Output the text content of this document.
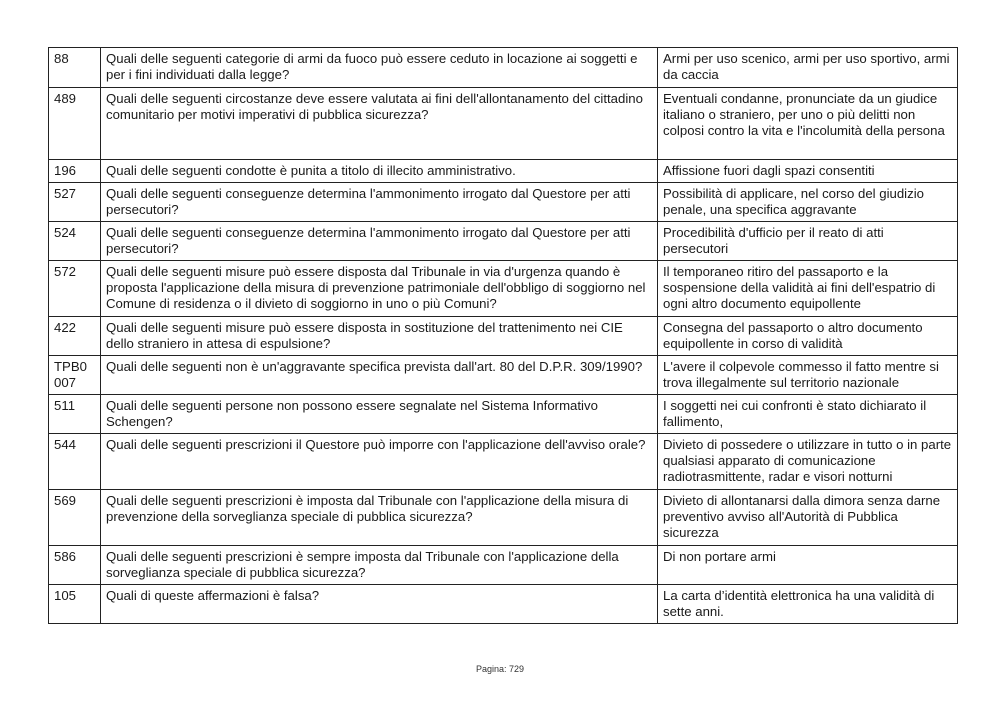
88	Quali delle seguenti categorie di armi da fuoco può essere ceduto in locazione ai soggetti e per i fini individuati dalla legge?	Armi per uso scenico, armi per uso sportivo, armi da caccia
489	Quali delle seguenti circostanze deve essere valutata ai fini dell'allontanamento del cittadino comunitario per motivi imperativi di pubblica sicurezza?	Eventuali condanne, pronunciate da un giudice italiano o straniero, per uno o più delitti non colposi contro la vita e l'incolumità della persona
196	Quali delle seguenti condotte è punita a titolo di illecito amministrativo.	Affissione fuori dagli spazi consentiti
527	Quali delle seguenti conseguenze determina l'ammonimento irrogato dal Questore per atti persecutori?	Possibilità di applicare, nel corso del giudizio penale, una specifica aggravante
524	Quali delle seguenti conseguenze determina l'ammonimento irrogato dal Questore per atti persecutori?	Procedibilità d'ufficio per il reato di atti persecutori
572	Quali delle seguenti misure può essere disposta dal Tribunale in via d'urgenza quando è proposta l'applicazione della misura di prevenzione patrimoniale dell'obbligo di soggiorno nel Comune di residenza o il divieto di soggiorno in uno o più Comuni?	Il temporaneo ritiro del passaporto e la sospensione della validità ai fini dell'espatrio di ogni altro documento equipollente
422	Quali delle seguenti misure può essere disposta in sostituzione del trattenimento nei CIE dello straniero in attesa di espulsione?	Consegna del passaporto o altro documento equipollente in corso di validità
TPB0 007	Quali delle seguenti non è un'aggravante specifica prevista dall'art. 80 del D.P.R. 309/1990?	L'avere il colpevole commesso il fatto mentre si trova illegalmente sul territorio nazionale
511	Quali delle seguenti persone non possono essere segnalate nel Sistema Informativo Schengen?	I soggetti nei cui confronti è stato dichiarato il fallimento,
544	Quali delle seguenti prescrizioni il Questore può imporre con l'applicazione dell'avviso orale?	Divieto di possedere o utilizzare in tutto o in parte qualsiasi apparato di comunicazione radiotrasmittente, radar e visori notturni
569	Quali delle seguenti prescrizioni è imposta dal Tribunale con l'applicazione della misura di prevenzione della sorveglianza speciale di pubblica sicurezza?	Divieto di allontanarsi dalla dimora senza darne preventivo avviso all'Autorità di Pubblica sicurezza
586	Quali delle seguenti prescrizioni è sempre imposta dal Tribunale con l'applicazione della sorveglianza speciale di pubblica sicurezza?	Di non portare armi
105	Quali di queste affermazioni è falsa?	La carta d’identità elettronica ha una validità di sette anni.
Pagina: 729
